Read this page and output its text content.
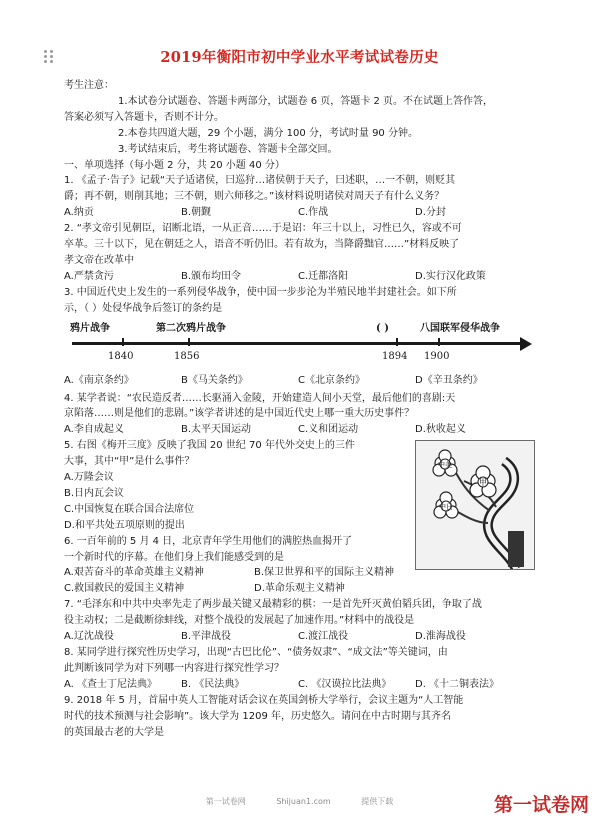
2019年衡阳市初中学业水平考试试卷历史

考生注意：

1.本试卷分试题卷、答题卡两部分，试题卷 6 页，答题卡 2 页。不在试题上答作答，

答案必须写入答题卡，否则不计分。

2.本卷共四道大题，29 个小题，满分 100 分，考试时量 90 分钟。

3.考试结束后，考生将试题卷、答题卡全部交回。

一、单项选择（每小题 2 分，共 20 小题 40 分）

1. 《孟子·告子》记载“天子适诸侯，曰巡狩…诸侯朝于天子，曰述职，…一不朝，则贬其

爵；再不朝，则削其地；三不朝，则六师移之。”该材料说明诸侯对周天子有什么义务？

A.纳贡	B.朝觐	C.作战	D.分封

2. “孝文帝引见朝臣，诏断北语，一从正音……于是诏：年三十以上，习性已久，容或不可

卒革。三十以下，见在朝廷之人，语音不听仍旧。若有故为，当降爵黜官……”材料反映了

孝文帝在改革中

A.严禁贪污	B.颁布均田令	C.迁都洛阳	D.实行汉化政策

3. 中国近代史上发生的一系列侵华战争，使中国一步步沦为半殖民地半封建社会。如下所

示，（ ）处侵华战争后签订的条约是

鸦片战争	第二次鸦片战争	( )	八国联军侵华战争
1840	1856	1894 1900
A.《南京条约》	B《马关条约》	C《北京条约》	D《辛丑条约》

4. 某学者说：“农民造反者……长驱涌入金陵，开始建造人间小天堂，最后他们的喜剧:天

京陷落……则是他们的悲剧。”该学者讲述的是中国近代史上哪一重大历史事件？

A.李自成起义	B.太平天国运动	C.义和团运动	D.秋收起义

5. 右图《梅开三度》反映了我国 20 世纪 70 年代外交史上的三件

大事，其中“甲”是什么事件？

A.万隆会议

B.日内瓦会议

C.中国恢复在联合国合法席位

D.和平共处五项原则的提出

6. 一百年前的 5 月 4 日，北京青年学生用他们的满腔热血揭开了

一个新时代的序幕。在他们身上我们能感受到的是

中美
甲
中日
A.艰苦奋斗的革命英雄主义精神	B.保卫世界和平的国际主义精神
C.救国救民的爱国主义精神	D.革命乐观主义精神

7. “毛泽东和中共中央率先走了两步最关键又最精彩的棋：一是首先歼灭黄伯韬兵团，争取了战

役主动权；二是截断徐蚌线，对整个战役的发展起了加速作用。”材料中的战役是

A.辽沈战役	B.平津战役	C.渡江战役	D.淮海战役

8. 某同学进行探究性历史学习，出现“古巴比伦”、“债务奴隶”、“成文法”等关键词，由

此判断该同学为对下列哪一内容进行探究性学习？

A. 《查士丁尼法典》	B. 《民法典》	C. 《汉谟拉比法典》	D. 《十二铜表法》

9. 2018 年 5 月，首届中英人工智能对话会议在英国剑桥大学举行，会议主题为“人工智能

时代的技术预测与社会影响”。该大学为 1209 年，历史悠久。请问在中古时期与其齐名

的英国最古老的大学是

第一试卷网	Shijuan1.com	提供下载	第一试卷网
